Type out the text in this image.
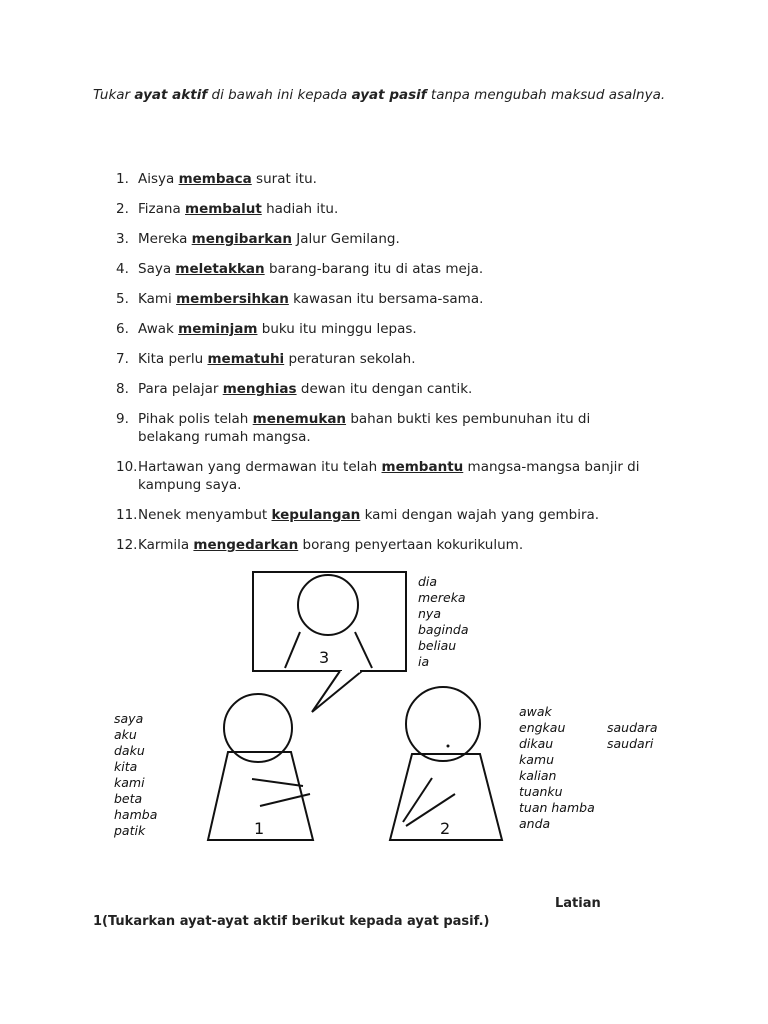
Tukar ayat aktif di bawah ini kepada ayat pasif tanpa mengubah maksud asalnya.
1. Aisya membaca surat itu.
2. Fizana membalut hadiah itu.
3. Mereka mengibarkan Jalur Gemilang.
4. Saya meletakkan barang-barang itu di atas meja.
5. Kami membersihkan kawasan itu bersama-sama.
6. Awak meminjam buku itu minggu lepas.
7. Kita perlu mematuhi peraturan sekolah.
8. Para pelajar menghias dewan itu dengan cantik.
9. Pihak polis telah menemukan bahan bukti kes pembunuhan itu di
belakang rumah mangsa.
10.Hartawan yang dermawan itu telah membantu mangsa-mangsa banjir di
kampung saya.
11.Nenek menyambut kepulangan kami dengan wajah yang gembira.
12.Karmila mengedarkan borang penyertaan kokurikulum.
3
1	2
dia
mereka
nya
baginda
beliau
ia
saya
aku
daku
kita
kami
beta
hamba
patik
awak
engkau
dikau
kamu
kalian
tuanku
tuan hamba
anda
saudara
saudari
Latian
1(Tukarkan ayat-ayat aktif berikut kepada ayat pasif.)
